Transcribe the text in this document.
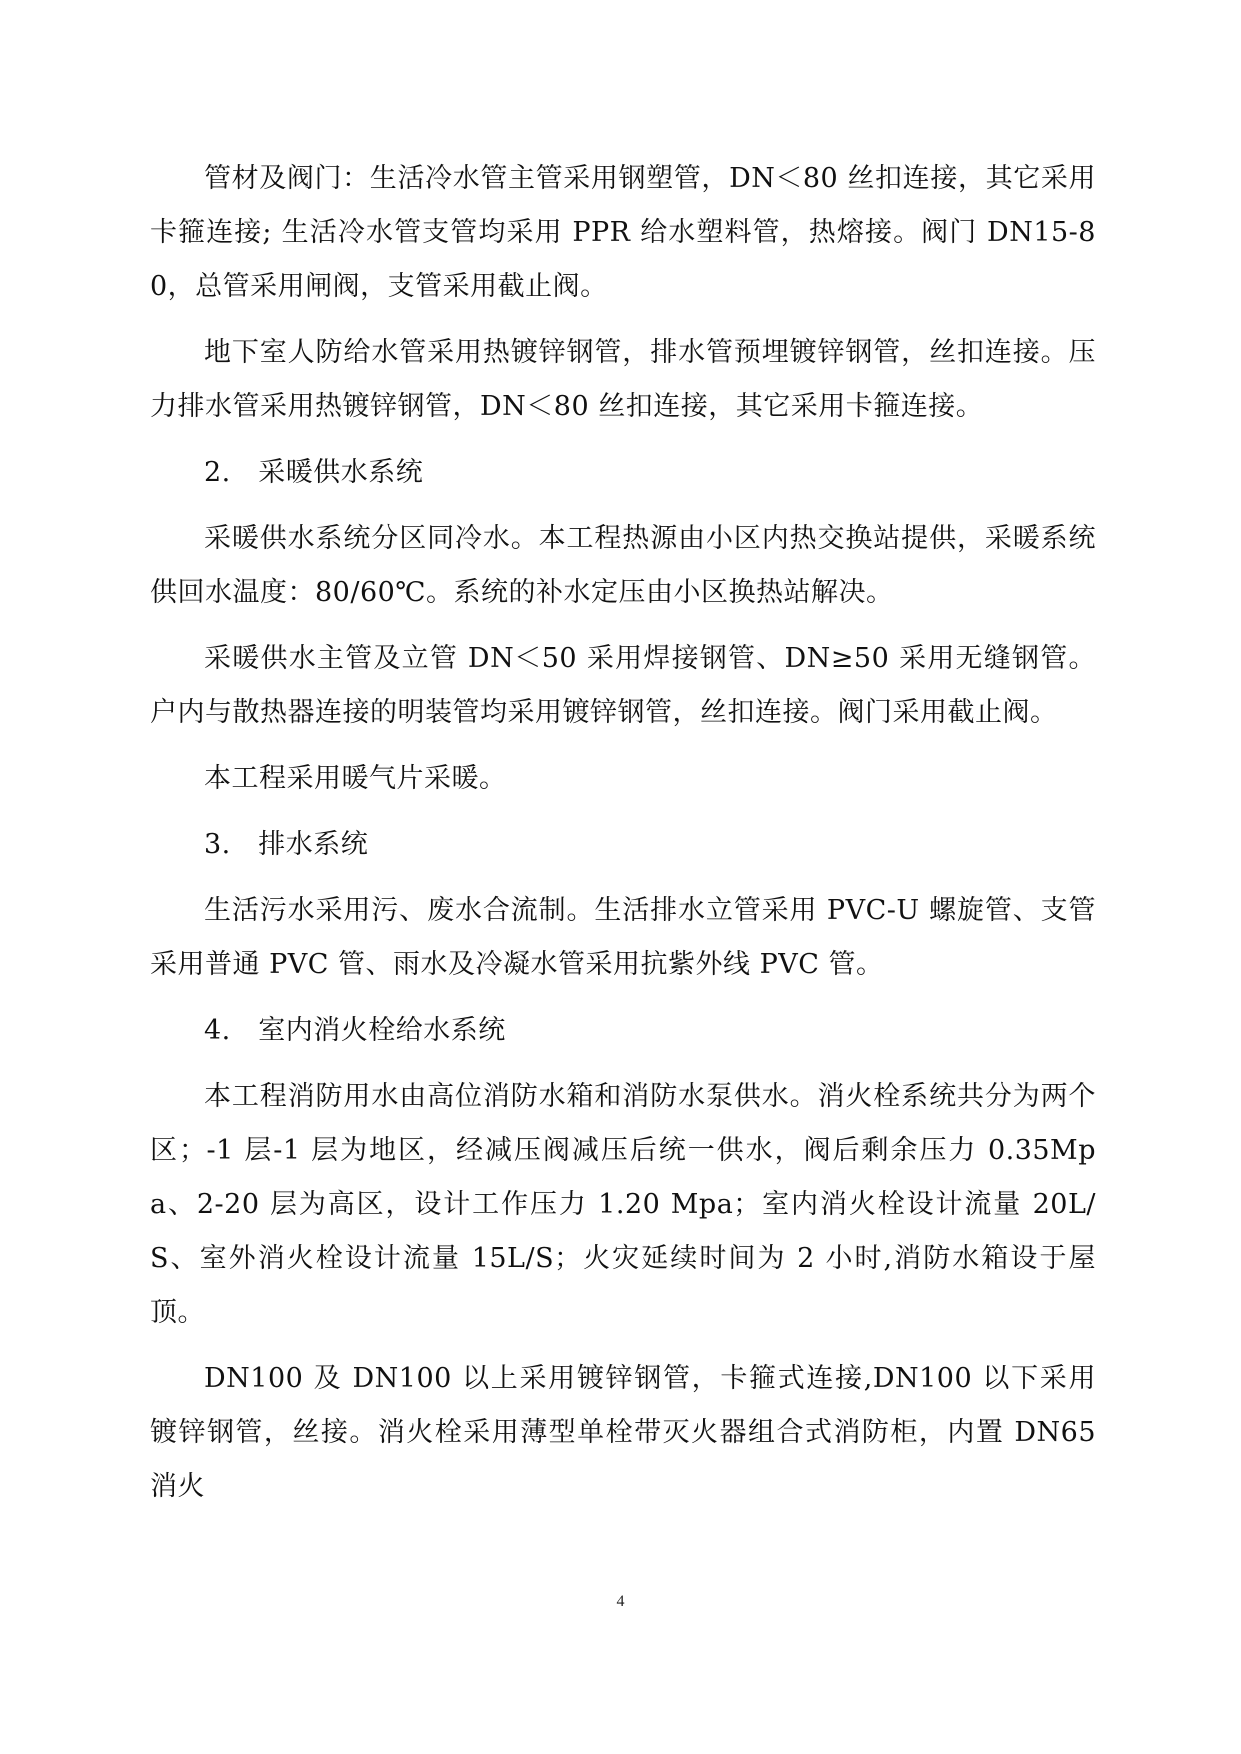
管材及阀门：生活冷水管主管采用钢塑管，DN＜80 丝扣连接，其它采用卡箍连接; 生活冷水管支管均采用 PPR 给水塑料管，热熔接。阀门 DN15-80，总管采用闸阀，支管采用截止阀。

地下室人防给水管采用热镀锌钢管，排水管预埋镀锌钢管，丝扣连接。压力排水管采用热镀锌钢管，DN＜80 丝扣连接，其它采用卡箍连接。

2.　采暖供水系统

采暖供水系统分区同冷水。本工程热源由小区内热交换站提供，采暖系统供回水温度：80/60℃。系统的补水定压由小区换热站解决。

采暖供水主管及立管 DN＜50 采用焊接钢管、DN≥50 采用无缝钢管。户内与散热器连接的明装管均采用镀锌钢管，丝扣连接。阀门采用截止阀。

本工程采用暖气片采暖。

3.　排水系统

生活污水采用污、废水合流制。生活排水立管采用 PVC-U 螺旋管、支管采用普通 PVC 管、雨水及冷凝水管采用抗紫外线 PVC 管。

4.　室内消火栓给水系统

本工程消防用水由高位消防水箱和消防水泵供水。消火栓系统共分为两个区；-1 层-1 层为地区，经减压阀减压后统一供水，阀后剩余压力 0.35Mpa、2-20 层为高区，设计工作压力 1.20 Mpa；室内消火栓设计流量 20L/S、室外消火栓设计流量 15L/S；火灾延续时间为 2 小时,消防水箱设于屋顶。

DN100 及 DN100 以上采用镀锌钢管，卡箍式连接,DN100 以下采用镀锌钢管，丝接。消火栓采用薄型单栓带灭火器组合式消防柜，内置 DN65 消火

4
